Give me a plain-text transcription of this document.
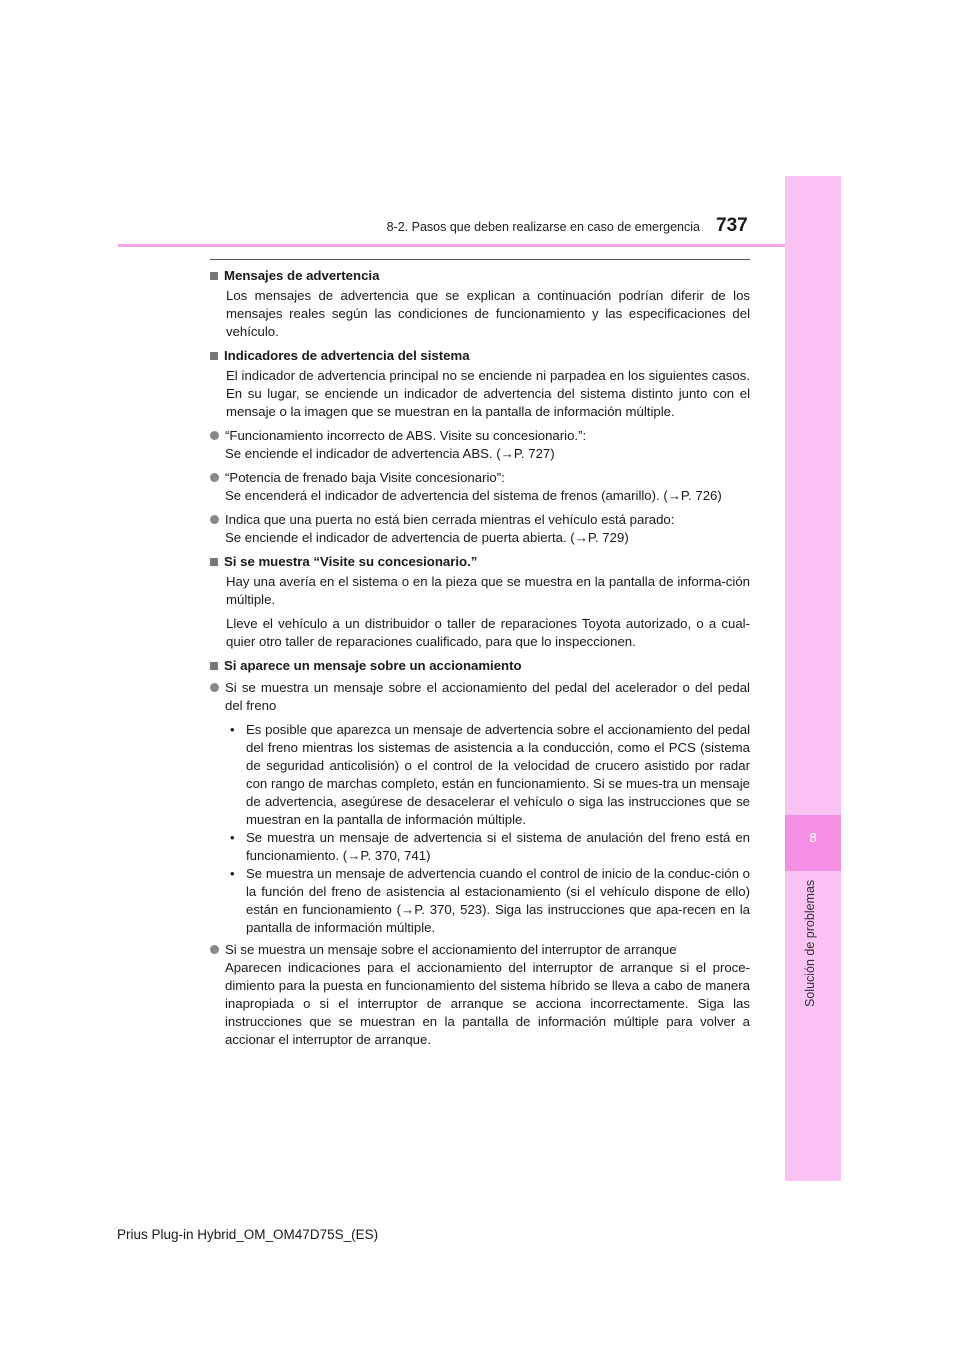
8-2. Pasos que deben realizarse en caso de emergencia 737
8
Solución de problemas
Mensajes de advertencia
Los mensajes de advertencia que se explican a continuación podrían diferir de los mensajes reales según las condiciones de funcionamiento y las especificaciones del vehículo.
Indicadores de advertencia del sistema
El indicador de advertencia principal no se enciende ni parpadea en los siguientes casos. En su lugar, se enciende un indicador de advertencia del sistema distinto junto con el mensaje o la imagen que se muestran en la pantalla de información múltiple.
“Funcionamiento incorrecto de ABS. Visite su concesionario.”:
Se enciende el indicador de advertencia ABS. (→P. 727)
“Potencia de frenado baja Visite concesionario”:
Se encenderá el indicador de advertencia del sistema de frenos (amarillo). (→P. 726)
Indica que una puerta no está bien cerrada mientras el vehículo está parado:
Se enciende el indicador de advertencia de puerta abierta. (→P. 729)
Si se muestra “Visite su concesionario.”
Hay una avería en el sistema o en la pieza que se muestra en la pantalla de informa-ción múltiple.
Lleve el vehículo a un distribuidor o taller de reparaciones Toyota autorizado, o a cual-quier otro taller de reparaciones cualificado, para que lo inspeccionen.
Si aparece un mensaje sobre un accionamiento
Si se muestra un mensaje sobre el accionamiento del pedal del acelerador o del pedal del freno
• Es posible que aparezca un mensaje de advertencia sobre el accionamiento del pedal del freno mientras los sistemas de asistencia a la conducción, como el PCS (sistema de seguridad anticolisión) o el control de la velocidad de crucero asistido por radar con rango de marchas completo, están en funcionamiento. Si se mues-tra un mensaje de advertencia, asegúrese de desacelerar el vehículo o siga las instrucciones que se muestran en la pantalla de información múltiple.
• Se muestra un mensaje de advertencia si el sistema de anulación del freno está en funcionamiento. (→P. 370, 741)
• Se muestra un mensaje de advertencia cuando el control de inicio de la conduc-ción o la función del freno de asistencia al estacionamiento (si el vehículo dispone de ello) están en funcionamiento (→P. 370, 523). Siga las instrucciones que apa-recen en la pantalla de información múltiple.
Si se muestra un mensaje sobre el accionamiento del interruptor de arranque
Aparecen indicaciones para el accionamiento del interruptor de arranque si el proce-dimiento para la puesta en funcionamiento del sistema híbrido se lleva a cabo de manera inapropiada o si el interruptor de arranque se acciona incorrectamente. Siga las instrucciones que se muestran en la pantalla de información múltiple para volver a accionar el interruptor de arranque.
Prius Plug-in Hybrid_OM_OM47D75S_(ES)
